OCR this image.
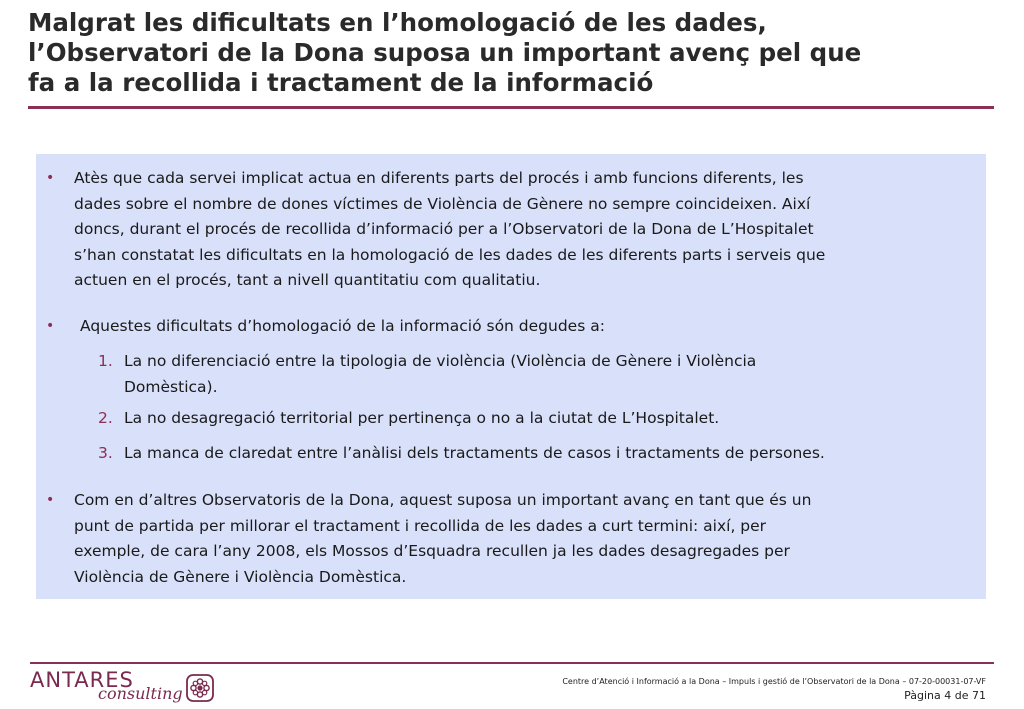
Malgrat les dificultats en l’homologació de les dades,
l’Observatori de la Dona suposa un important avenç pel que
fa a la recollida i tractament de la informació
• Atès que cada servei implicat actua en diferents parts del procés i amb funcions diferents, les
dades sobre el nombre de dones víctimes de Violència de Gènere no sempre coincideixen. Així
doncs, durant el procés de recollida d’informació per a l’Observatori de la Dona de L’Hospitalet
s’han constatat les dificultats en la homologació de les dades de les diferents parts i serveis que
actuen en el procés, tant a nivell quantitatiu com qualitatiu.
• Aquestes dificultats d’homologació de la informació són degudes a:
1. La no diferenciació entre la tipologia de violència (Violència de Gènere i Violència
Domèstica).
2. La no desagregació territorial per pertinença o no a la ciutat de L’Hospitalet.
3. La manca de claredat entre l’anàlisi dels tractaments de casos i tractaments de persones.
• Com en d’altres Observatoris de la Dona, aquest suposa un important avanç en tant que és un
punt de partida per millorar el tractament i recollida de les dades a curt termini: així, per
exemple, de cara l’any 2008, els Mossos d’Esquadra recullen ja les dades desagregades per
Violència de Gènere i Violència Domèstica.
ANTARES
consulting
Centre d’Atenció i Informació a la Dona – Impuls i gestió de l’Observatori de la Dona – 07-20-00031-07-VF
Pàgina 4 de 71
